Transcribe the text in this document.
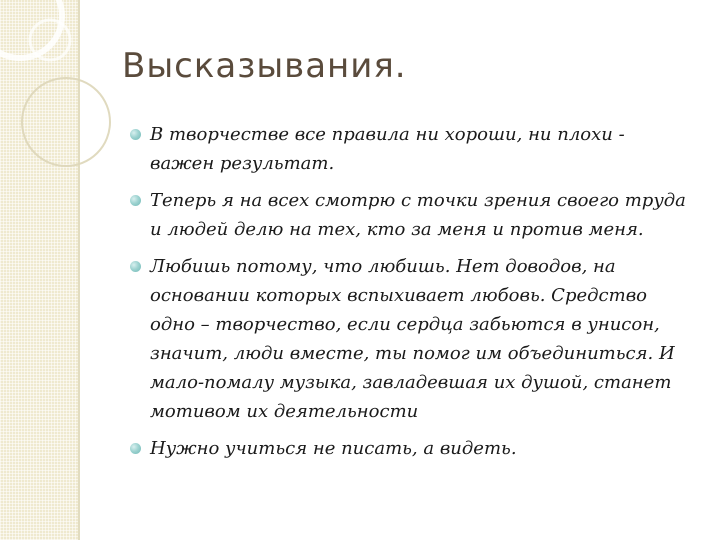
Высказывания.
В творчестве все правила ни хороши, ни плохи - важен результат.
Теперь я на всех смотрю с точки зрения своего труда и людей делю на тех, кто за меня и против меня.
Любишь потому, что любишь. Нет доводов, на основании которых вспыхивает любовь. Средство одно – творчество, если сердца забьются в унисон, значит, люди вместе, ты помог им объединиться. И мало-помалу музыка, завладевшая их душой, станет мотивом их деятельности
Нужно учиться не писать, а видеть.
